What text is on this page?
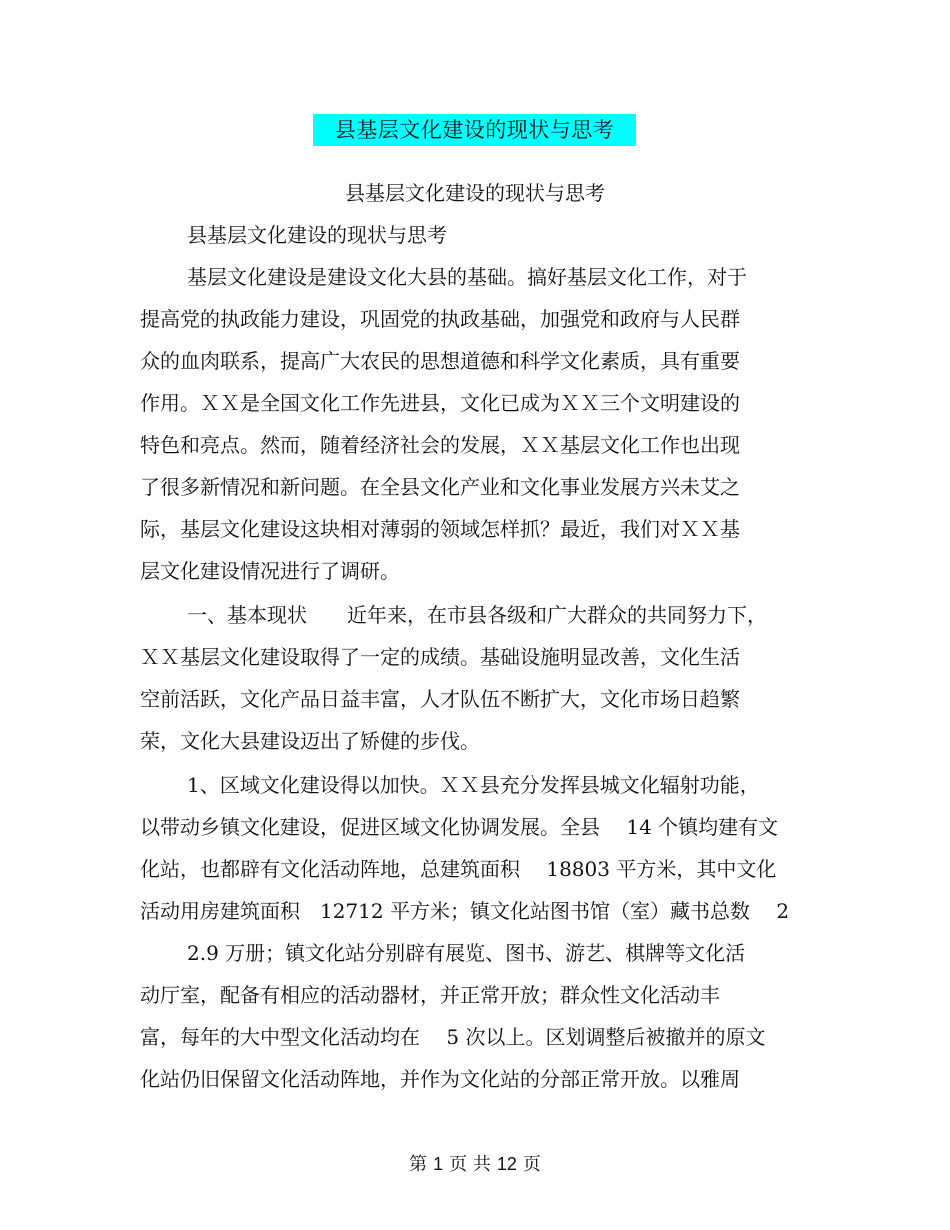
县基层文化建设的现状与思考
县基层文化建设的现状与思考
县基层文化建设的现状与思考
基层文化建设是建设文化大县的基础。搞好基层文化工作，对于
提高党的执政能力建设，巩固党的执政基础，加强党和政府与人民群
众的血肉联系，提高广大农民的思想道德和科学文化素质，具有重要
作用。ＸＸ是全国文化工作先进县，文化已成为ＸＸ三个文明建设的
特色和亮点。然而，随着经济社会的发展，ＸＸ基层文化工作也出现
了很多新情况和新问题。在全县文化产业和文化事业发展方兴未艾之
际，基层文化建设这块相对薄弱的领域怎样抓？最近，我们对ＸＸ基
层文化建设情况进行了调研。
一、基本现状　　近年来，在市县各级和广大群众的共同努力下，
ＸＸ基层文化建设取得了一定的成绩。基础设施明显改善，文化生活
空前活跃，文化产品日益丰富，人才队伍不断扩大，文化市场日趋繁
荣，文化大县建设迈出了矫健的步伐。
1、区域文化建设得以加快。ＸＸ县充分发挥县城文化辐射功能，
以带动乡镇文化建设，促进区域文化协调发展。全县　 14 个镇均建有文
化站，也都辟有文化活动阵地，总建筑面积　 18803 平方米，其中文化
活动用房建筑面积　12712 平方米；镇文化站图书馆（室）藏书总数　 2
2.9 万册；镇文化站分别辟有展览、图书、游艺、棋牌等文化活
动厅室，配备有相应的活动器材，并正常开放；群众性文化活动丰
富，每年的大中型文化活动均在　 5 次以上。区划调整后被撤并的原文
化站仍旧保留文化活动阵地，并作为文化站的分部正常开放。以雅周
第 1 页 共 12 页
